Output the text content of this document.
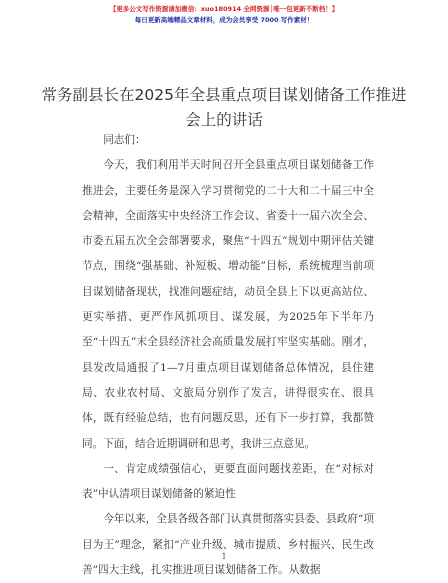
【更多公文写作资源请加微信：xuo180914 全网资源│唯一包更新不断档！】
每日更新高端精品文章材料，成为会员享受 7000 写作素材！
常务副县长在2025年全县重点项目谋划储备工作推进会上的讲话

同志们：

今天，我们利用半天时间召开全县重点项目谋划储备工作推进会，主要任务是深入学习贯彻党的二十大和二十届三中全会精神，全面落实中央经济工作会议、省委十一届六次全会、市委五届五次全会部署要求，聚焦“十四五”规划中期评估关键节点，围绕“强基础、补短板、增动能”目标，系统梳理当前项目谋划储备现状，找准问题症结，动员全县上下以更高站位、更实举措、更严作风抓项目、谋发展，为2025年下半年乃至“十四五”末全县经济社会高质量发展打牢坚实基础。刚才，县发改局通报了1—7月重点项目谋划储备总体情况，县住建局、农业农村局、文旅局分别作了发言，讲得很实在、很具体，既有经验总结，也有问题反思，还有下一步打算，我都赞同。下面，结合近期调研和思考，我讲三点意见。

一、肯定成绩强信心，更要直面问题找差距，在“对标对表”中认清项目谋划储备的紧迫性

今年以来，全县各级各部门认真贯彻落实县委、县政府“项目为王”理念，紧扣“产业升级、城市提质、乡村振兴、民生改善”四大主线，扎实推进项目谋划储备工作。从数据

1
